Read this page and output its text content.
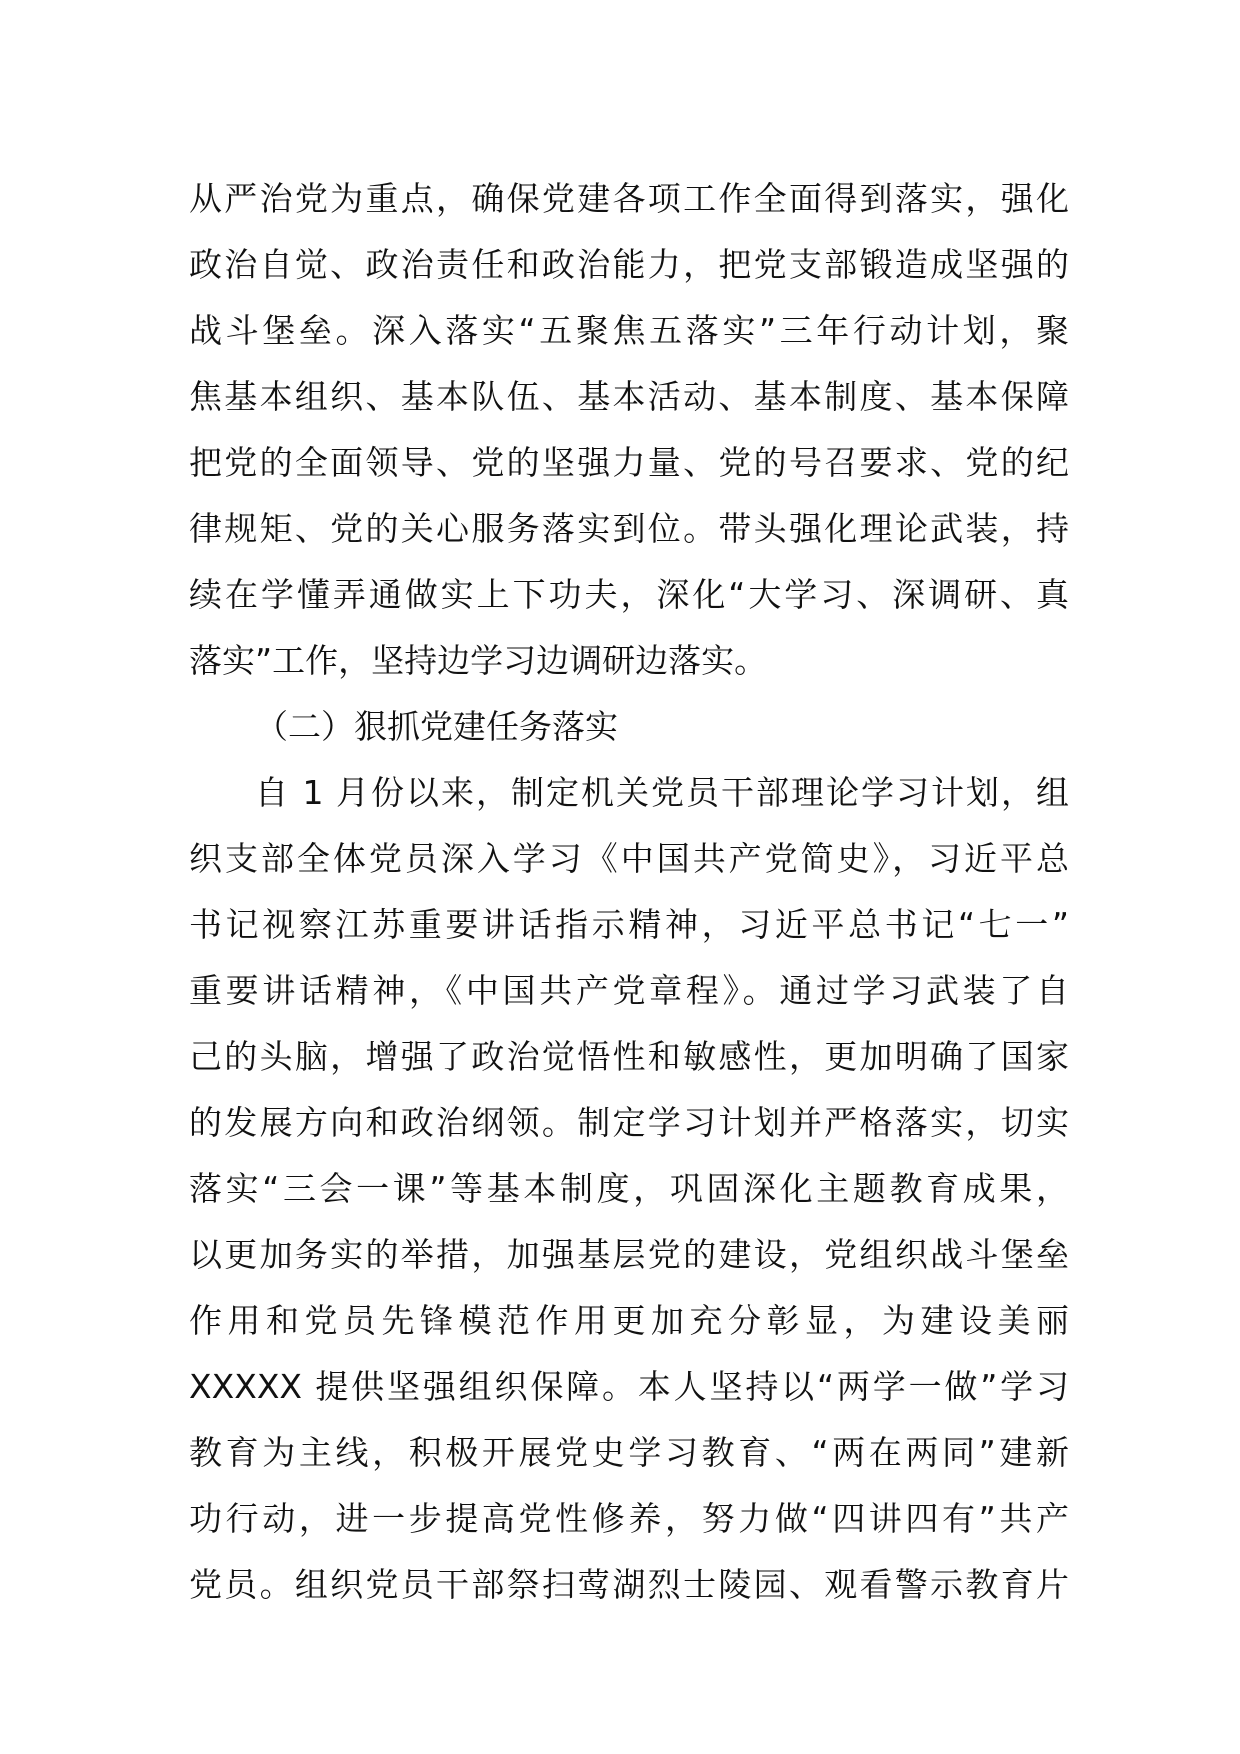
从严治党为重点，确保党建各项工作全面得到落实，强化
政治自觉、政治责任和政治能力，把党支部锻造成坚强的
战斗堡垒。深入落实“五聚焦五落实”三年行动计划，聚
焦基本组织、基本队伍、基本活动、基本制度、基本保障
把党的全面领导、党的坚强力量、党的号召要求、党的纪
律规矩、党的关心服务落实到位。带头强化理论武装，持
续在学懂弄通做实上下功夫，深化“大学习、深调研、真
落实”工作，坚持边学习边调研边落实。
（二）狠抓党建任务落实
自 1 月份以来，制定机关党员干部理论学习计划，组
织支部全体党员深入学习《中国共产党简史》，习近平总
书记视察江苏重要讲话指示精神，习近平总书记“七一”
重要讲话精神，《中国共产党章程》。通过学习武装了自
己的头脑，增强了政治觉悟性和敏感性，更加明确了国家
的发展方向和政治纲领。制定学习计划并严格落实，切实
落实“三会一课”等基本制度，巩固深化主题教育成果，
以更加务实的举措，加强基层党的建设，党组织战斗堡垒
作用和党员先锋模范作用更加充分彰显，为建设美丽
XXXXX 提供坚强组织保障。本人坚持以“两学一做”学习
教育为主线，积极开展党史学习教育、“两在两同”建新
功行动，进一步提高党性修养，努力做“四讲四有”共产
党员。组织党员干部祭扫莺湖烈士陵园、观看警示教育片
